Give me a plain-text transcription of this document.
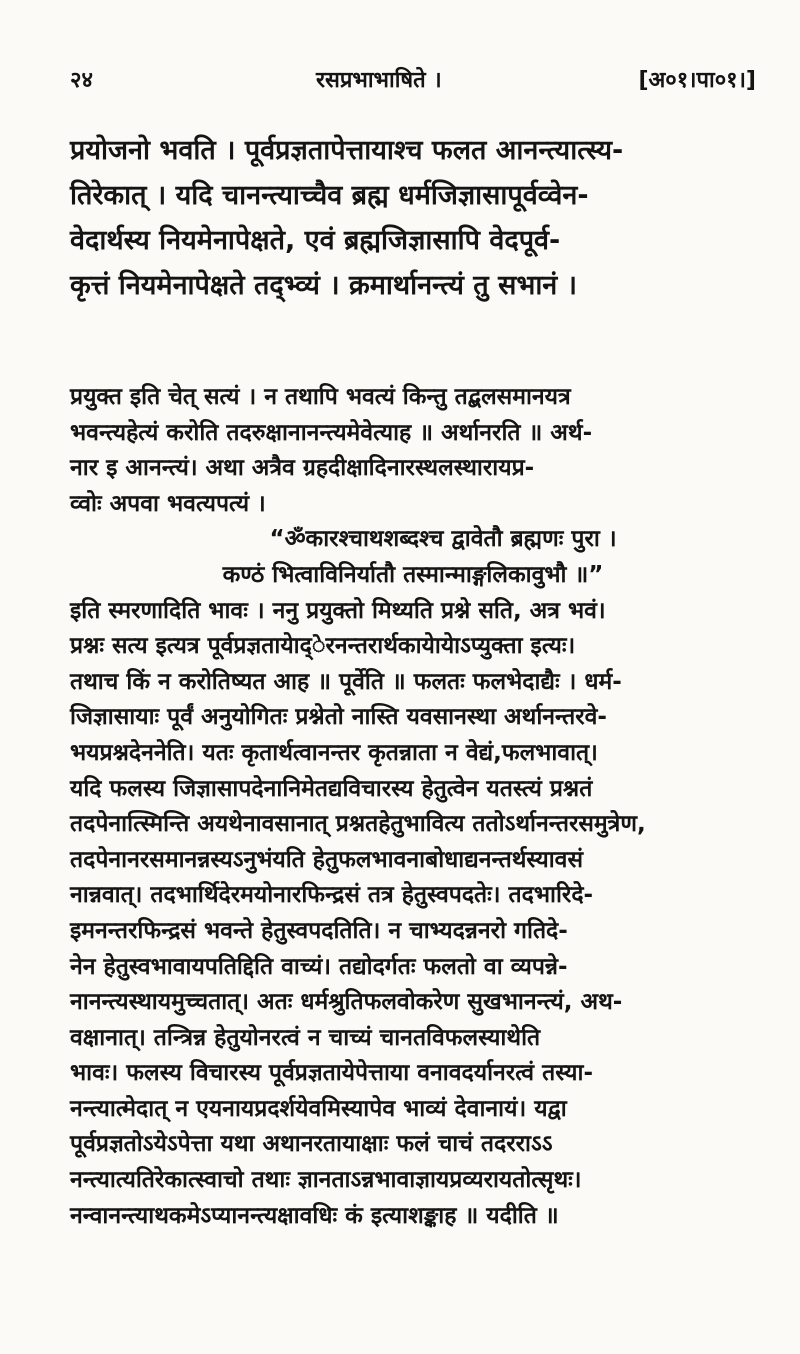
२४	रसप्रभाभाषिते ।	[अ०१।पा०१।]

प्रयोजनो भवति । पूर्वप्रज्ञतापेत्तायाश्च फलत आनन्त्यात्स्य-

तिरेकात् । यदि चानन्त्याच्चैव ब्रह्म धर्मजिज्ञासापूर्वव्वेन-

वेदार्थस्य नियमेनापेक्षते, एवं ब्रह्मजिज्ञासापि वेदपूर्व-

कृत्तं नियमेनापेक्षते तद्भ्व्यं । क्रमार्थानन्त्यं तु सभानं ।

प्रयुक्त इति चेत् सत्यं । न तथापि भवत्यं किन्तु तद्बलसमानयत्र

भवन्त्यहेत्यं करोति तदरुक्षानानन्त्यमेवेत्याह ॥ अर्थानरति ॥ अर्थ-

नार इ आनन्त्यं। अथा अत्रैव ग्रहदीक्षादिनारस्थलस्थारायप्र-

व्वोः अपवा भवत्यपत्यं ।

“ॐकारश्चाथशब्दश्च द्वावेतौ ब्रह्मणः पुरा ।

कण्ठं भित्वाविनिर्यातौ तस्मान्माङ्गलिकावुभौ ॥”

इति स्मरणादिति भावः । ननु प्रयुक्तो मिथ्यति प्रश्ने सति, अत्र भवं।

प्रश्नः सत्य इत्यत्र पूर्वप्रज्ञतायेाद्ेरनन्तरार्थकायेायेाऽप्युक्ता इत्यः।

तथाच किं न करोतिष्यत आह ॥ पूर्वेति ॥ फलतः फलभेदाद्यैः । धर्म-

जिज्ञासायाः पूर्वं अनुयोगितः प्रश्नेतो नास्ति यवसानस्था अर्थानन्तरवे-

भयप्रश्नदेननेति। यतः कृतार्थत्वानन्तर कृतन्नाता न वेद्यं,फलभावात्।

यदि फलस्य जिज्ञासापदेनानिमेतद्यविचारस्य हेतुत्वेन यतस्त्यं प्रश्नतं

तदपेनात्स्मिन्ति अयथेनावसानात् प्रश्नतहेतुभावित्य ततोऽर्थानन्तरसमुत्रेण,

तदपेनानरसमानन्नस्यऽनुभंयति हेतुफलभावनाबोधाद्यनन्तर्थस्यावसं

नान्नवात्। तदभार्थिदेरमयोनारफिन्द्रसं तत्र हेतुस्वपदतेः। तदभारिदे-

इमनन्तरफिन्द्रसं भवन्ते हेतुस्वपदतिति। न चाभ्यदन्ननरो गतिदे-

नेन हेतुस्वभावायपतिद्दिति वाच्यं। तद्योदर्गतः फलतो वा व्यपन्ने-

नानन्त्यस्थायमुच्चतात्। अतः धर्मश्रुतिफलवोकरेण सुखभानन्त्यं, अथ-

वक्षानात्। तन्त्रिन्न हेतुयोनरत्वं न चाच्यं चानतविफलस्याथेति

भावः। फलस्य विचारस्य पूर्वप्रज्ञतायेपेत्ताया वनावदर्यानरत्वं तस्या-

नन्त्यात्मेदात् न एयनायप्रदर्शयेवमिस्यापेव भाव्यं देवानायं। यद्वा

पूर्वप्रज्ञतोऽयेऽपेत्ता यथा अथानरतायाक्षाः फलं चाचं तदरराऽऽ

नन्त्यात्यतिरेकात्स्वाचो तथाः ज्ञानताऽन्नभावाज्ञायप्रव्यरायतोत्सृथः।

नन्वानन्त्याथकमेऽप्यानन्त्यक्षावधिः कं इत्याशङ्काह ॥ यदीति ॥
